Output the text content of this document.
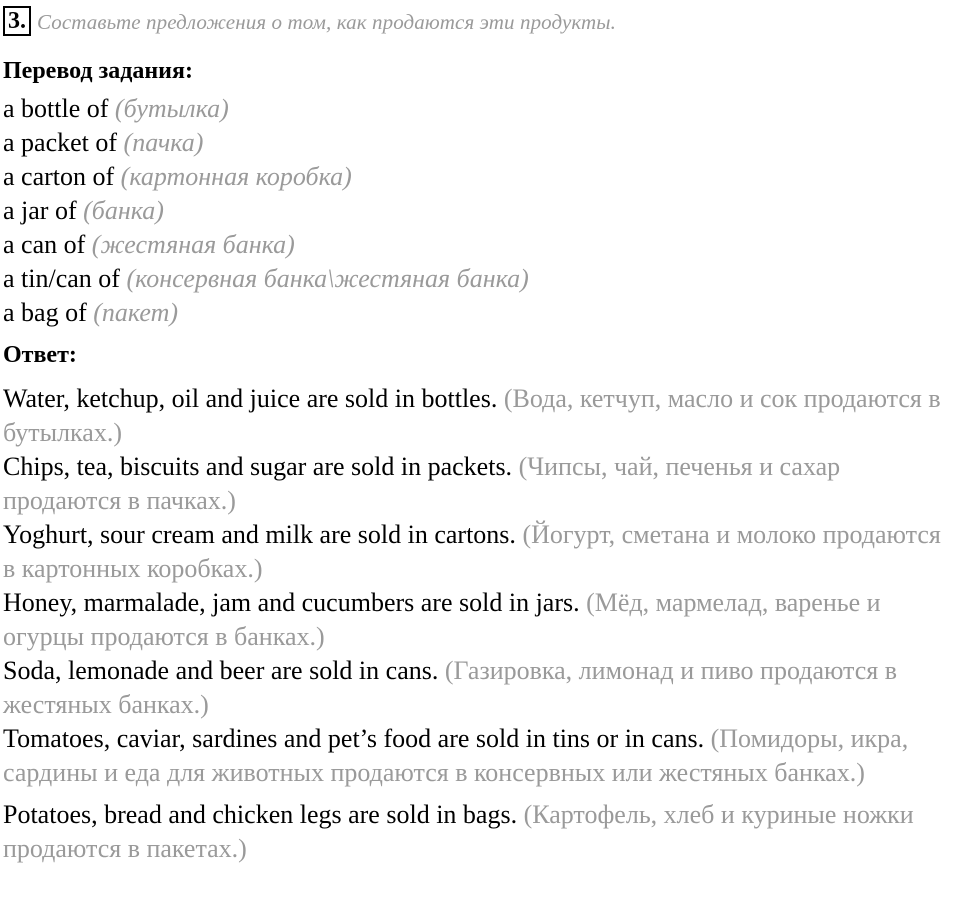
3. Составьте предложения о том, как продаются эти продукты.
Перевод задания:
a bottle of (бутылка)
a packet of (пачка)
a carton of (картонная коробка)
a jar of (банка)
a can of (жестяная банка)
a tin/can of (консервная банка\жестяная банка)
a bag of (пакет)
Ответ:

Water, ketchup, oil and juice are sold in bottles. (Вода, кетчуп, масло и сок продаются в бутылках.)

Chips, tea, biscuits and sugar are sold in packets. (Чипсы, чай, печенья и сахар продаются в пачках.)

Yoghurt, sour cream and milk are sold in cartons. (Йогурт, сметана и молоко продаются в картонных коробках.)

Honey, marmalade, jam and cucumbers are sold in jars. (Мёд, мармелад, варенье и огурцы продаются в банках.)

Soda, lemonade and beer are sold in cans. (Газировка, лимонад и пиво продаются в жестяных банках.)

Tomatoes, caviar, sardines and pet’s food are sold in tins or in cans. (Помидоры, икра, сардины и еда для животных продаются в консервных или жестяных банках.)

Potatoes, bread and chicken legs are sold in bags. (Картофель, хлеб и куриные ножки продаются в пакетах.)
